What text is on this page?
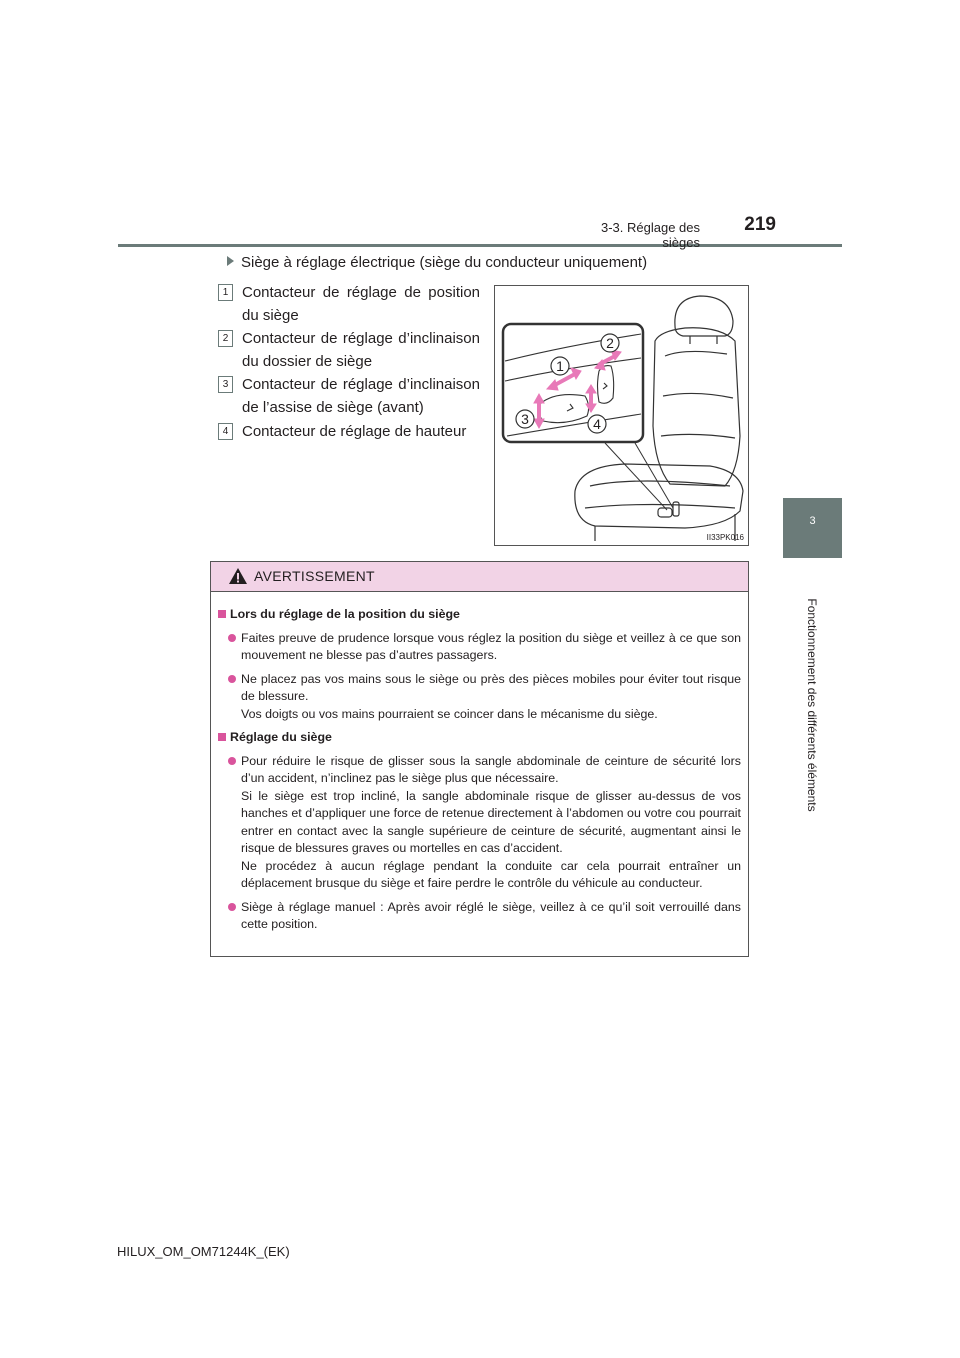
3-3. Réglage des sièges
219
3
Fonctionnement des différents éléments
Siège à réglage électrique (siège du conducteur uniquement)
1 Contacteur de réglage de position du siège
2 Contacteur de réglage d’inclinaison du dossier de siège
3 Contacteur de réglage d’inclinaison de l’assise de siège (avant)
4 Contacteur de réglage de hauteur
1
2
3	4
II33PK016
AVERTISSEMENT
Lors du réglage de la position du siège
Faites preuve de prudence lorsque vous réglez la position du siège et veillez à ce que son mouvement ne blesse pas d’autres passagers.
Ne placez pas vos mains sous le siège ou près des pièces mobiles pour éviter tout risque de blessure.
Vos doigts ou vos mains pourraient se coincer dans le mécanisme du siège.
Réglage du siège
Pour réduire le risque de glisser sous la sangle abdominale de ceinture de sécurité lors d’un accident, n’inclinez pas le siège plus que nécessaire.
Si le siège est trop incliné, la sangle abdominale risque de glisser au-dessus de vos hanches et d’appliquer une force de retenue directement à l’abdomen ou votre cou pourrait entrer en contact avec la sangle supérieure de ceinture de sécurité, augmentant ainsi le risque de blessures graves ou mortelles en cas d’accident.
Ne procédez à aucun réglage pendant la conduite car cela pourrait entraîner un déplacement brusque du siège et faire perdre le contrôle du véhicule au conducteur.
Siège à réglage manuel : Après avoir réglé le siège, veillez à ce qu’il soit verrouillé dans cette position.
HILUX_OM_OM71244K_(EK)
